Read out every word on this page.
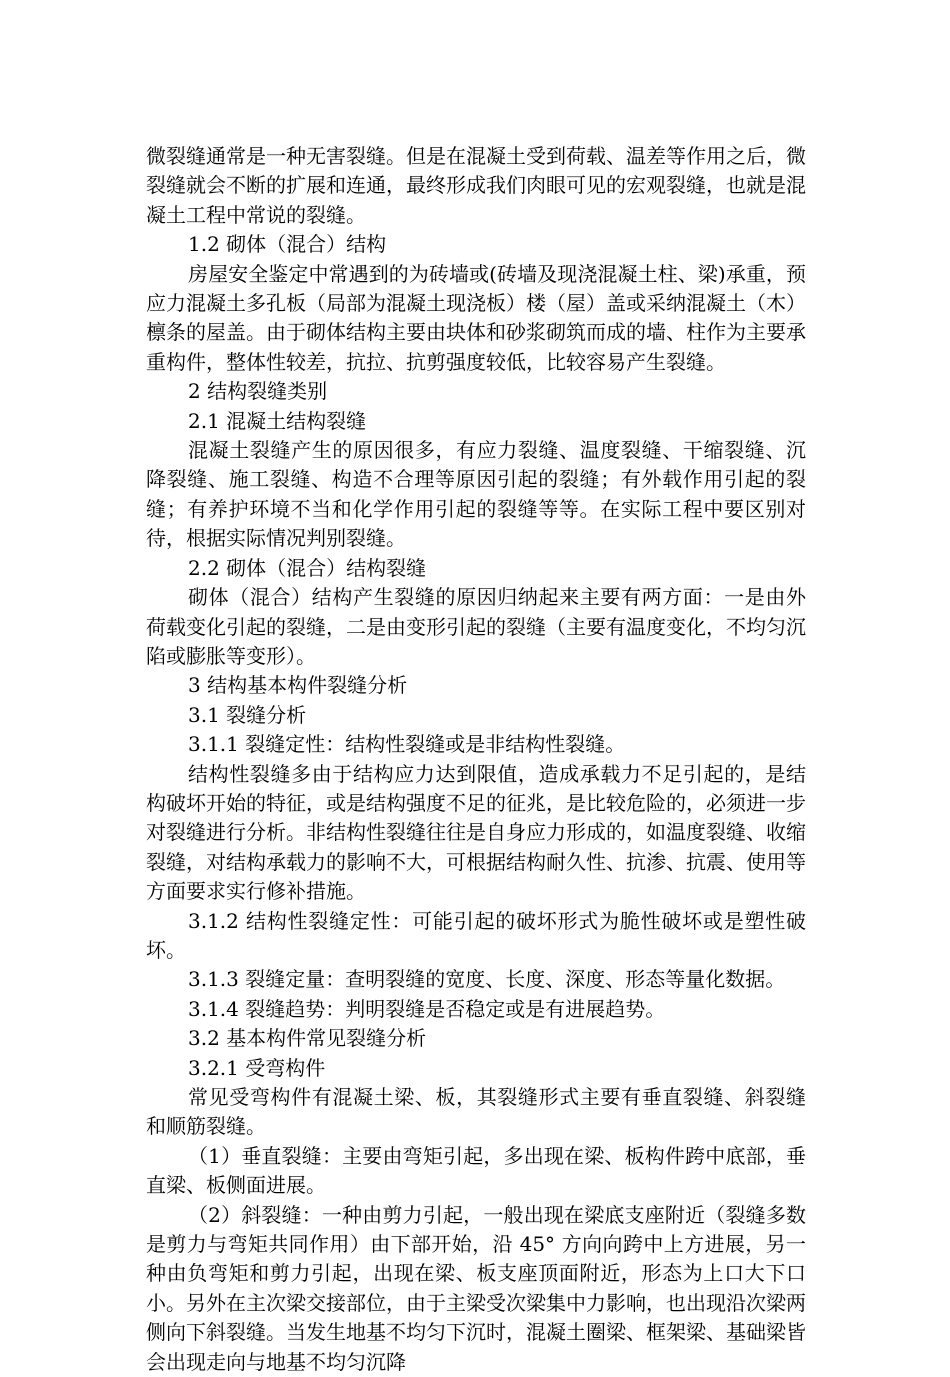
微裂缝通常是一种无害裂缝。但是在混凝土受到荷载、温差等作用之后，微裂缝就会不断的扩展和连通，最终形成我们肉眼可见的宏观裂缝，也就是混凝土工程中常说的裂缝。

1.2 砌体（混合）结构

房屋安全鉴定中常遇到的为砖墙或(砖墙及现浇混凝土柱、梁)承重，预应力混凝土多孔板（局部为混凝土现浇板）楼（屋）盖或采纳混凝土（木）檩条的屋盖。由于砌体结构主要由块体和砂浆砌筑而成的墙、柱作为主要承重构件，整体性较差，抗拉、抗剪强度较低，比较容易产生裂缝。

2 结构裂缝类别

2.1 混凝土结构裂缝

混凝土裂缝产生的原因很多，有应力裂缝、温度裂缝、干缩裂缝、沉降裂缝、施工裂缝、构造不合理等原因引起的裂缝；有外载作用引起的裂缝；有养护环境不当和化学作用引起的裂缝等等。在实际工程中要区别对待，根据实际情况判别裂缝。

2.2 砌体（混合）结构裂缝

砌体（混合）结构产生裂缝的原因归纳起来主要有两方面：一是由外荷载变化引起的裂缝，二是由变形引起的裂缝（主要有温度变化，不均匀沉陷或膨胀等变形）。

3 结构基本构件裂缝分析

3.1 裂缝分析

3.1.1 裂缝定性：结构性裂缝或是非结构性裂缝。

结构性裂缝多由于结构应力达到限值，造成承载力不足引起的，是结构破坏开始的特征，或是结构强度不足的征兆，是比较危险的，必须进一步对裂缝进行分析。非结构性裂缝往往是自身应力形成的，如温度裂缝、收缩裂缝，对结构承载力的影响不大，可根据结构耐久性、抗渗、抗震、使用等方面要求实行修补措施。

3.1.2 结构性裂缝定性：可能引起的破坏形式为脆性破坏或是塑性破坏。

3.1.3 裂缝定量：查明裂缝的宽度、长度、深度、形态等量化数据。

3.1.4 裂缝趋势：判明裂缝是否稳定或是有进展趋势。

3.2 基本构件常见裂缝分析

3.2.1 受弯构件

常见受弯构件有混凝土梁、板，其裂缝形式主要有垂直裂缝、斜裂缝和顺筋裂缝。

（1）垂直裂缝：主要由弯矩引起，多出现在梁、板构件跨中底部，垂直梁、板侧面进展。

（2）斜裂缝：一种由剪力引起，一般出现在梁底支座附近（裂缝多数是剪力与弯矩共同作用）由下部开始，沿 45° 方向向跨中上方进展，另一种由负弯矩和剪力引起，出现在梁、板支座顶面附近，形态为上口大下口小。另外在主次梁交接部位，由于主梁受次梁集中力影响，也出现沿次梁两侧向下斜裂缝。当发生地基不均匀下沉时，混凝土圈梁、框架梁、基础梁皆会出现走向与地基不均匀沉降
